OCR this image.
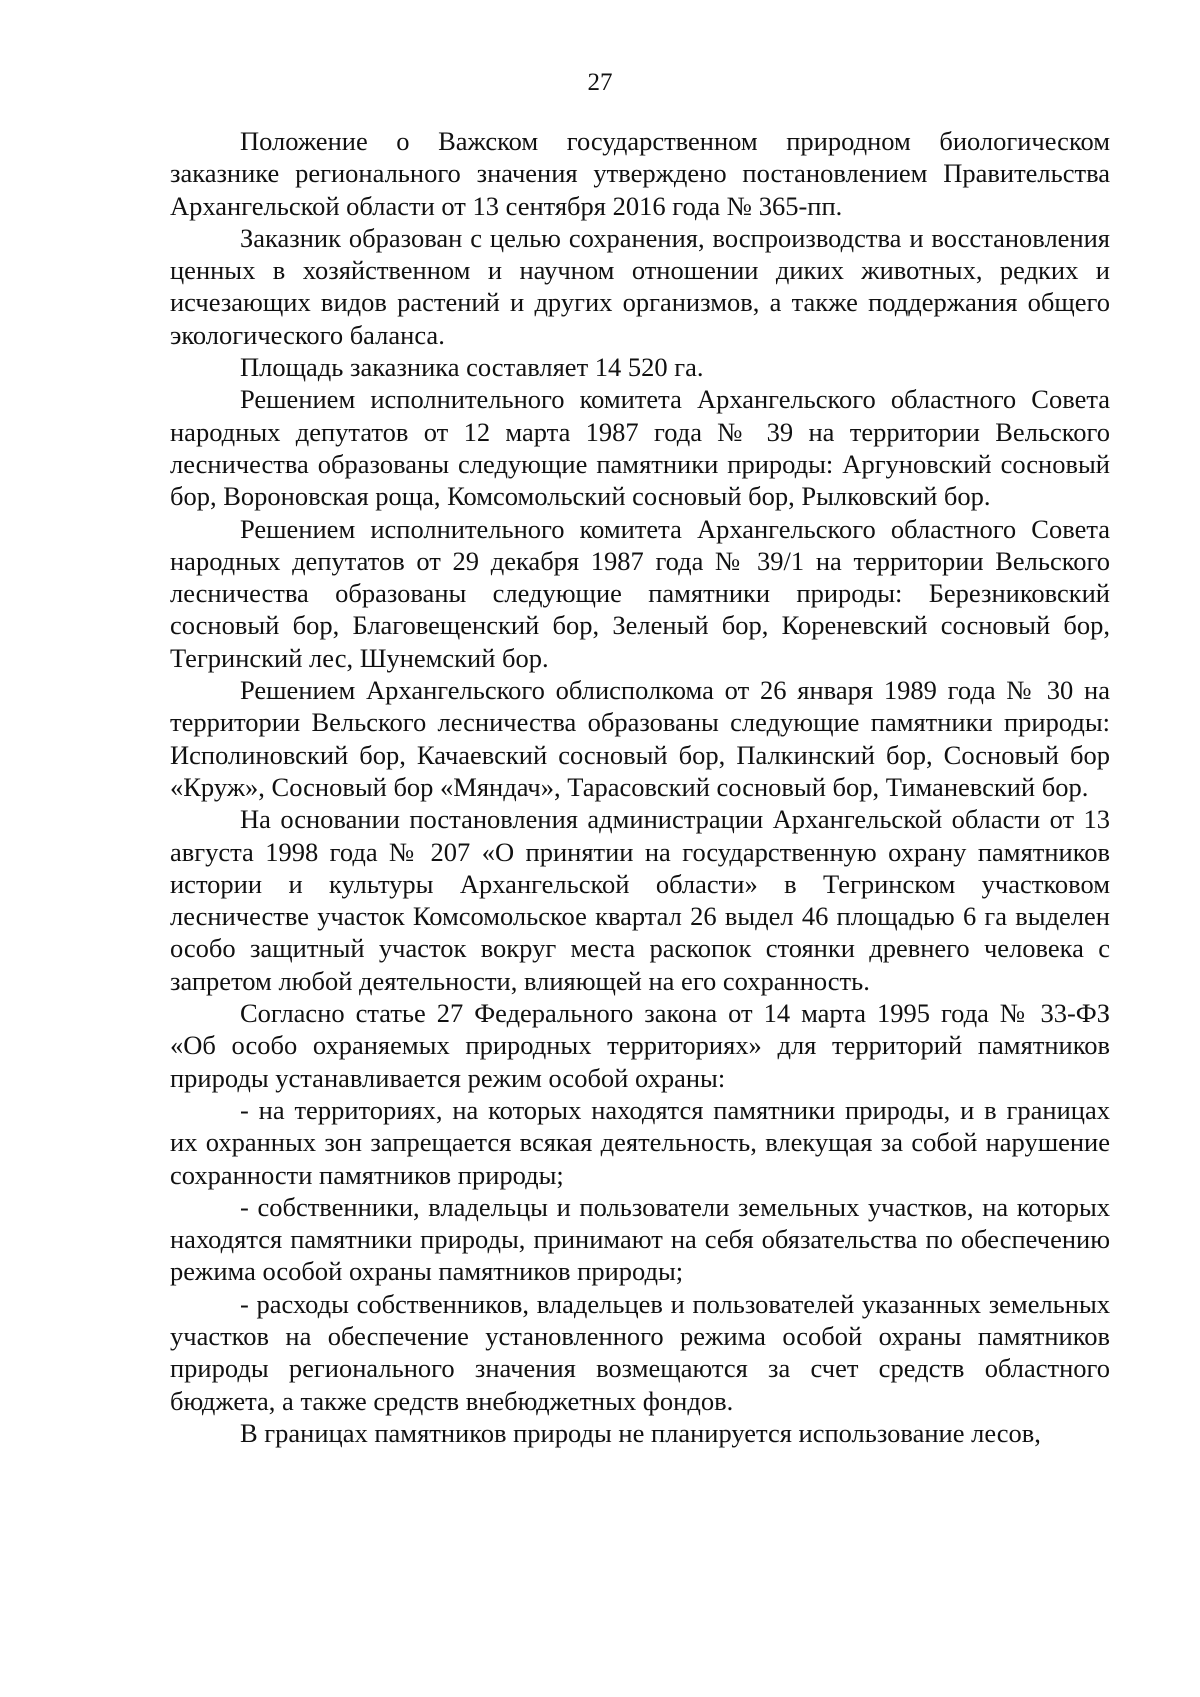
27

Положение о Важском государственном природном биологическом заказнике регионального значения утверждено постановлением Правительства Архангельской области от 13 сентября 2016 года № 365-пп.

Заказник образован с целью сохранения, воспроизводства и восстановления ценных в хозяйственном и научном отношении диких животных, редких и исчезающих видов растений и других организмов, а также поддержания общего экологического баланса.

Площадь заказника составляет 14 520 га.

Решением исполнительного комитета Архангельского областного Совета народных депутатов от 12 марта 1987 года № 39 на территории Вельского лесничества образованы следующие памятники природы: Аргуновский сосновый бор, Вороновская роща, Комсомольский сосновый бор, Рылковский бор.

Решением исполнительного комитета Архангельского областного Совета народных депутатов от 29 декабря 1987 года № 39/1 на территории Вельского лесничества образованы следующие памятники природы: Березниковский сосновый бор, Благовещенский бор, Зеленый бор, Кореневский сосновый бор, Тегринский лес, Шунемский бор.

Решением Архангельского облисполкома от 26 января 1989 года № 30 на территории Вельского лесничества образованы следующие памятники природы: Исполиновский бор, Качаевский сосновый бор, Палкинский бор, Сосновый бор «Круж», Сосновый бор «Мяндач», Тарасовский сосновый бор, Тиманевский бор.

На основании постановления администрации Архангельской области от 13 августа 1998 года № 207 «О принятии на государственную охрану памятников истории и культуры Архангельской области» в Тегринском участковом лесничестве участок Комсомольское квартал 26 выдел 46 площадью 6 га выделен особо защитный участок вокруг места раскопок стоянки древнего человека с запретом любой деятельности, влияющей на его сохранность.

Согласно статье 27 Федерального закона от 14 марта 1995 года № 33-ФЗ «Об особо охраняемых природных территориях» для территорий памятников природы устанавливается режим особой охраны:

- на территориях, на которых находятся памятники природы, и в границах их охранных зон запрещается всякая деятельность, влекущая за собой нарушение сохранности памятников природы;

- собственники, владельцы и пользователи земельных участков, на которых находятся памятники природы, принимают на себя обязательства по обеспечению режима особой охраны памятников природы;

- расходы собственников, владельцев и пользователей указанных земельных участков на обеспечение установленного режима особой охраны памятников природы регионального значения возмещаются за счет средств областного бюджета, а также средств внебюджетных фондов.

В границах памятников природы не планируется использование лесов,
